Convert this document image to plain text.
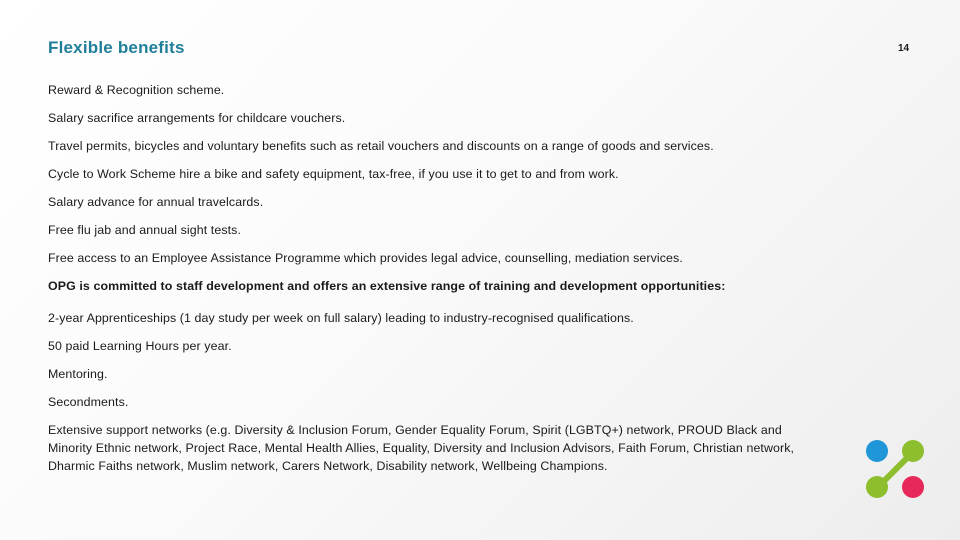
Flexible benefits	14

Reward & Recognition scheme.

Salary sacrifice arrangements for childcare vouchers.

Travel permits, bicycles and voluntary benefits such as retail vouchers and discounts on a range of goods and services.

Cycle to Work Scheme hire a bike and safety equipment, tax-free, if you use it to get to and from work.

Salary advance for annual travelcards.

Free flu jab and annual sight tests.

Free access to an Employee Assistance Programme which provides legal advice, counselling, mediation services.

OPG is committed to staff development and offers an extensive range of training and development opportunities:

2-year Apprenticeships (1 day study per week on full salary) leading to industry-recognised qualifications.

50 paid Learning Hours per year.

Mentoring.

Secondments.

Extensive support networks (e.g. Diversity & Inclusion Forum, Gender Equality Forum, Spirit (LGBTQ+) network, PROUD Black and Minority Ethnic network, Project Race, Mental Health Allies, Equality, Diversity and Inclusion Advisors, Faith Forum, Christian network, Dharmic Faiths network, Muslim network, Carers Network, Disability network, Wellbeing Champions.
